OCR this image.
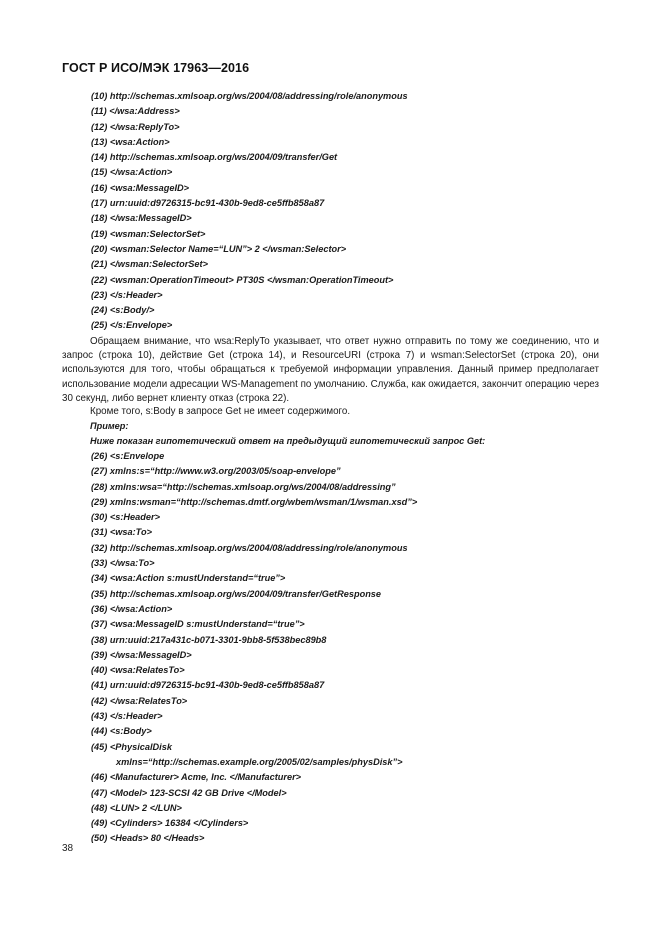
ГОСТ Р ИСО/МЭК 17963—2016
(10) http://schemas.xmlsoap.org/ws/2004/08/addressing/role/anonymous
(11) </wsa:Address>
(12) </wsa:ReplyTo>
(13) <wsa:Action>
(14) http://schemas.xmlsoap.org/ws/2004/09/transfer/Get
(15) </wsa:Action>
(16) <wsa:MessageID>
(17) urn:uuid:d9726315-bc91-430b-9ed8-ce5ffb858a87
(18) </wsa:MessageID>
(19) <wsman:SelectorSet>
(20) <wsman:Selector Name=“LUN”> 2 </wsman:Selector>
(21) </wsman:SelectorSet>
(22) <wsman:OperationTimeout> PT30S </wsman:OperationTimeout>
(23) </s:Header>
(24) <s:Body/>
(25) </s:Envelope>
Обращаем внимание, что wsa:ReplyTo указывает, что ответ нужно отправить по тому же соединению, что и запрос (строка 10), действие Get (строка 14), и ResourceURI (строка 7) и wsman:SelectorSet (строка 20), они используются для того, чтобы обращаться к требуемой информации управления. Данный пример предполагает использование модели адресации WS-Management по умолчанию. Служба, как ожидается, закончит операцию через 30 секунд, либо вернет клиенту отказ (строка 22).
Кроме того, s:Body в запросе Get не имеет содержимого.
Пример:
Ниже показан гипотетический ответ на предыдущий гипотетический запрос Get:
(26) <s:Envelope
(27) xmlns:s=“http://www.w3.org/2003/05/soap-envelope”
(28) xmlns:wsa=“http://schemas.xmlsoap.org/ws/2004/08/addressing”
(29) xmlns:wsman=“http://schemas.dmtf.org/wbem/wsman/1/wsman.xsd”>
(30) <s:Header>
(31) <wsa:To>
(32) http://schemas.xmlsoap.org/ws/2004/08/addressing/role/anonymous
(33) </wsa:To>
(34) <wsa:Action s:mustUnderstand=“true”>
(35) http://schemas.xmlsoap.org/ws/2004/09/transfer/GetResponse
(36) </wsa:Action>
(37) <wsa:MessageID s:mustUnderstand=“true”>
(38) urn:uuid:217a431c-b071-3301-9bb8-5f538bec89b8
(39) </wsa:MessageID>
(40) <wsa:RelatesTo>
(41) urn:uuid:d9726315-bc91-430b-9ed8-ce5ffb858a87
(42) </wsa:RelatesTo>
(43) </s:Header>
(44) <s:Body>
(45) <PhysicalDisk
xmlns=“http://schemas.example.org/2005/02/samples/physDisk”>
(46) <Manufacturer> Acme, Inc. </Manufacturer>
(47) <Model> 123-SCSI 42 GB Drive </Model>
(48) <LUN> 2 </LUN>
(49) <Cylinders> 16384 </Cylinders>
(50) <Heads> 80 </Heads>
38
